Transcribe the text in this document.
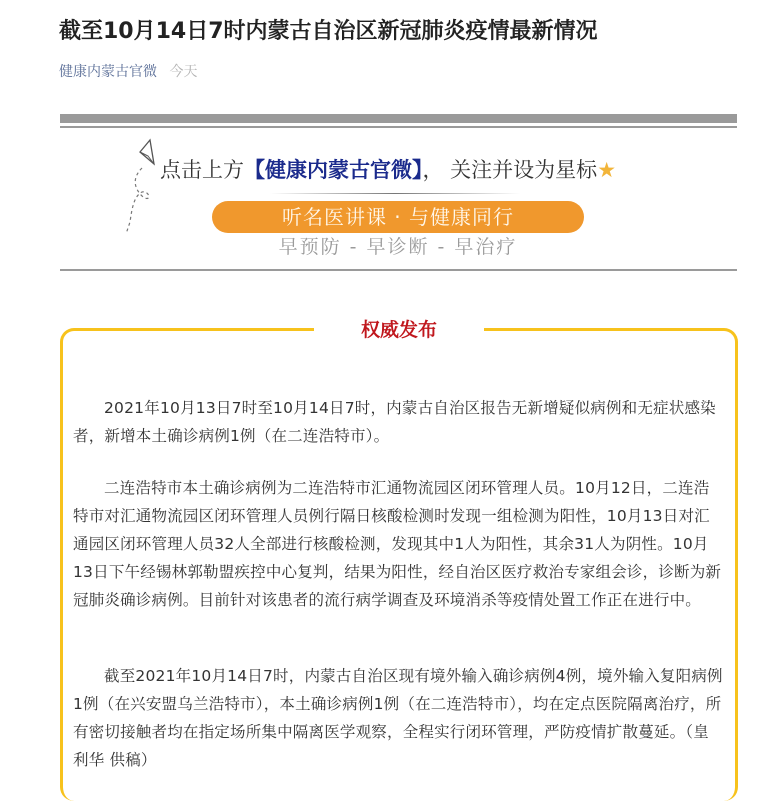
截至10月14日7时内蒙古自治区新冠肺炎疫情最新情况
健康内蒙古官微 今天
点击上方【健康内蒙古官微】， 关注并设为星标★
听名医讲课 · 与健康同行
早预防 - 早诊断 - 早治疗
权威发布

2021年10月13日7时至10月14日7时，内蒙古自治区报告无新增疑似病例和无症状感染者，新增本土确诊病例1例（在二连浩特市）。

二连浩特市本土确诊病例为二连浩特市汇通物流园区闭环管理人员。10月12日，二连浩特市对汇通物流园区闭环管理人员例行隔日核酸检测时发现一组检测为阳性，10月13日对汇通园区闭环管理人员32人全部进行核酸检测，发现其中1人为阳性，其余31人为阴性。10月13日下午经锡林郭勒盟疾控中心复判，结果为阳性，经自治区医疗救治专家组会诊，诊断为新冠肺炎确诊病例。目前针对该患者的流行病学调查及环境消杀等疫情处置工作正在进行中。

截至2021年10月14日7时，内蒙古自治区现有境外输入确诊病例4例，境外输入复阳病例1例（在兴安盟乌兰浩特市），本土确诊病例1例（在二连浩特市），均在定点医院隔离治疗，所有密切接触者均在指定场所集中隔离医学观察，全程实行闭环管理，严防疫情扩散蔓延。（皇利华 供稿）
